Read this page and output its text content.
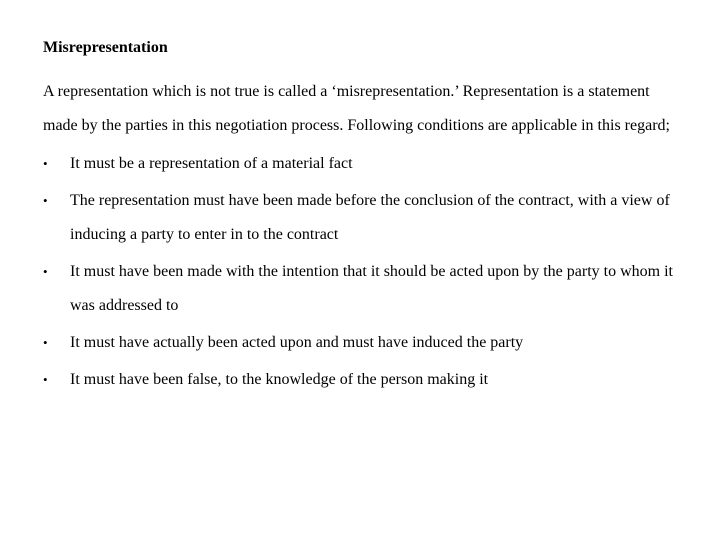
Misrepresentation

A representation which is not true is called a ‘misrepresentation.’ Representation is a statement made by the parties in this negotiation process. Following conditions are applicable in this regard;

•	It must be a representation of a material fact
•	The representation must have been made before the conclusion of the contract, with a view of inducing a party to enter in to the contract
•	It must have been made with the intention that it should be acted upon by the party to whom it was addressed to
•	It must have actually been acted upon and must have induced the party
•	It must have been false, to the knowledge of the person making it
